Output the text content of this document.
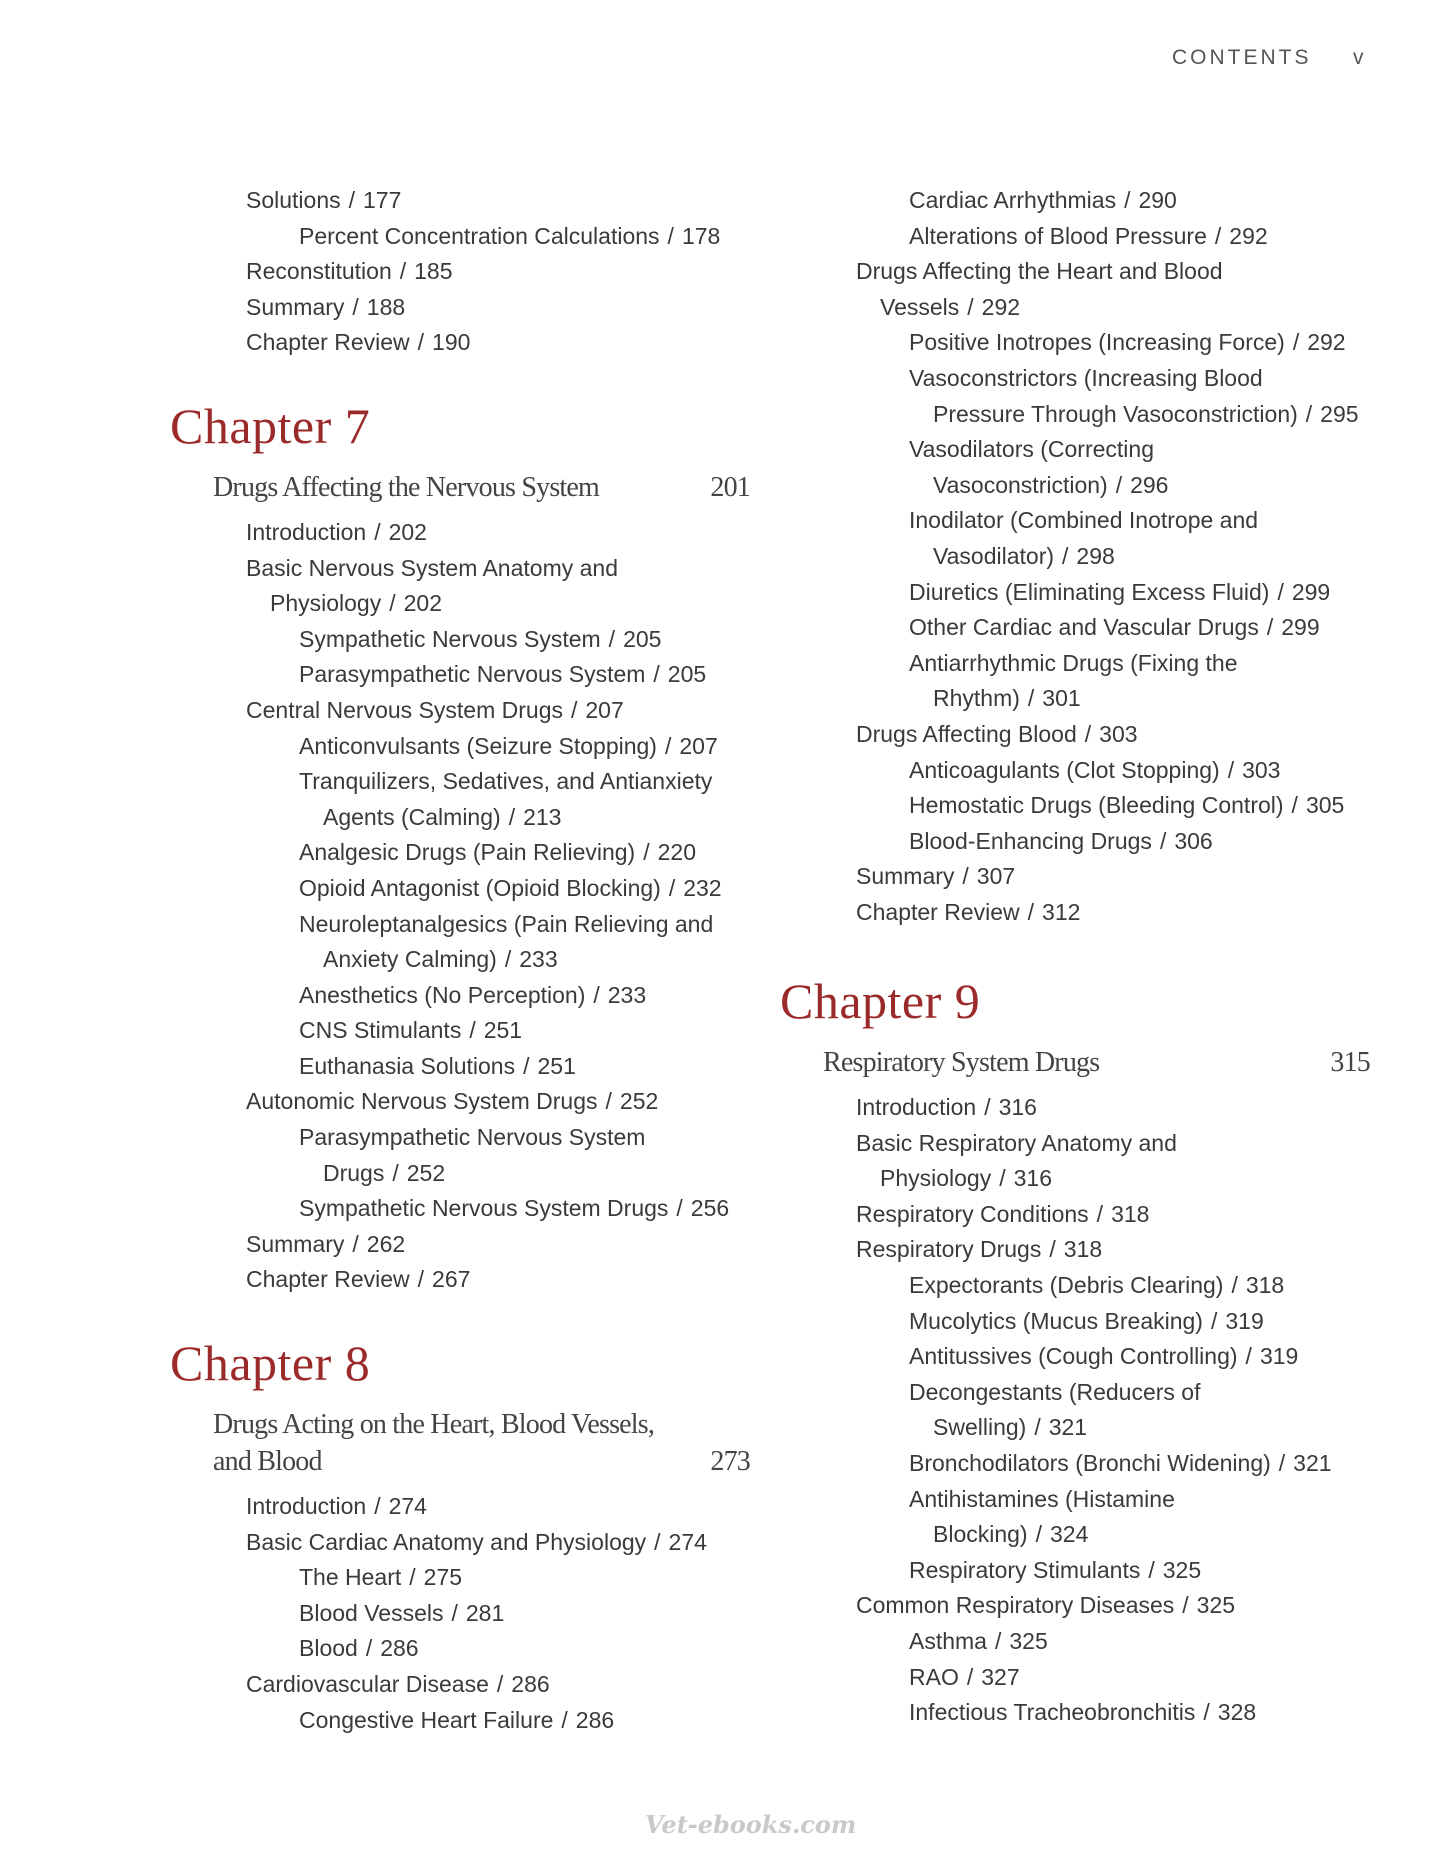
CONTENTS v
Solutions / 177
Percent Concentration Calculations / 178
Reconstitution / 185
Summary / 188
Chapter Review / 190
Chapter 7
Drugs Affecting the Nervous System	201
Introduction / 202
Basic Nervous System Anatomy and
Physiology / 202
Sympathetic Nervous System / 205
Parasympathetic Nervous System / 205
Central Nervous System Drugs / 207
Anticonvulsants (Seizure Stopping) / 207
Tranquilizers, Sedatives, and Antianxiety
Agents (Calming) / 213
Analgesic Drugs (Pain Relieving) / 220
Opioid Antagonist (Opioid Blocking) / 232
Neuroleptanalgesics (Pain Relieving and
Anxiety Calming) / 233
Anesthetics (No Perception) / 233
CNS Stimulants / 251
Euthanasia Solutions / 251
Autonomic Nervous System Drugs / 252
Parasympathetic Nervous System
Drugs / 252
Sympathetic Nervous System Drugs / 256
Summary / 262
Chapter Review / 267
Chapter 8
Drugs Acting on the Heart, Blood Vessels,
and Blood	273
Introduction / 274
Basic Cardiac Anatomy and Physiology / 274
The Heart / 275
Blood Vessels / 281
Blood / 286
Cardiovascular Disease / 286
Congestive Heart Failure / 286
Cardiac Arrhythmias / 290
Alterations of Blood Pressure / 292
Drugs Affecting the Heart and Blood
Vessels / 292
Positive Inotropes (Increasing Force) / 292
Vasoconstrictors (Increasing Blood
Pressure Through Vasoconstriction) / 295
Vasodilators (Correcting
Vasoconstriction) / 296
Inodilator (Combined Inotrope and
Vasodilator) / 298
Diuretics (Eliminating Excess Fluid) / 299
Other Cardiac and Vascular Drugs / 299
Antiarrhythmic Drugs (Fixing the
Rhythm) / 301
Drugs Affecting Blood / 303
Anticoagulants (Clot Stopping) / 303
Hemostatic Drugs (Bleeding Control) / 305
Blood-Enhancing Drugs / 306
Summary / 307
Chapter Review / 312
Chapter 9
Respiratory System Drugs	315
Introduction / 316
Basic Respiratory Anatomy and
Physiology / 316
Respiratory Conditions / 318
Respiratory Drugs / 318
Expectorants (Debris Clearing) / 318
Mucolytics (Mucus Breaking) / 319
Antitussives (Cough Controlling) / 319
Decongestants (Reducers of
Swelling) / 321
Bronchodilators (Bronchi Widening) / 321
Antihistamines (Histamine
Blocking) / 324
Respiratory Stimulants / 325
Common Respiratory Diseases / 325
Asthma / 325
RAO / 327
Infectious Tracheobronchitis / 328
Vet-ebooks.com
